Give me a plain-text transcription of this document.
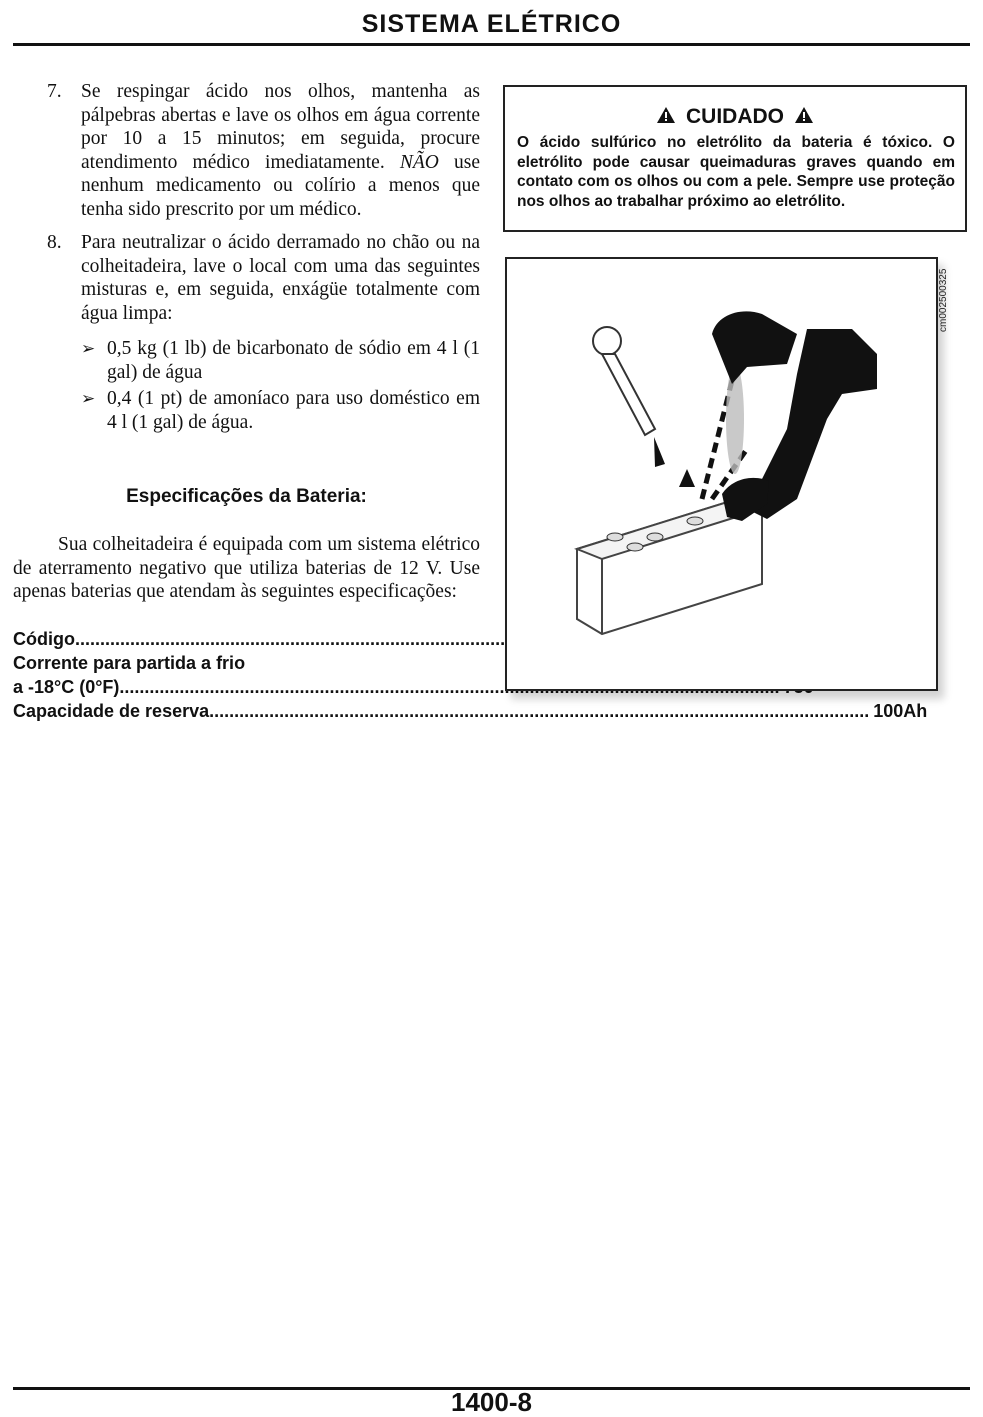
SISTEMA ELÉTRICO
7. Se respingar ácido nos olhos, mantenha as pálpebras abertas e lave os olhos em água corrente por 10 a 15 minutos; em seguida, procure atendimento médico imediatamente. NÃO use nenhum medicamento ou colírio a menos que tenha sido prescrito por um médico.
8. Para neutralizar o ácido derramado no chão ou na colheitadeira, lave o local com uma das seguintes misturas e, em seguida, enxágüe totalmente com água limpa:
➢ 0,5 kg (1 lb) de bicarbonato de sódio em 4 l (1 gal) de água
➢ 0,4 (1 pt) de amoníaco para uso doméstico em 4 l (1 gal) de água.
Especificações da Bateria:
Sua colheitadeira é equipada com um sistema elétrico de aterramento negativo que utiliza baterias de 12 V. Use apenas baterias que atendam às seguintes especificações:
Código
.....
Corrente para partida a frio
a -18°C (0°F)
.....
Capacidade de reserva
.....	100Ah
CUIDADO
O ácido sulfúrico no eletrólito da bateria é tóxico. O eletrólito pode causar queimaduras graves quando em contato com os olhos ou com a pele. Sempre use proteção nos olhos ao trabalhar próximo ao eletrólito.
cm002500325
1400-8
